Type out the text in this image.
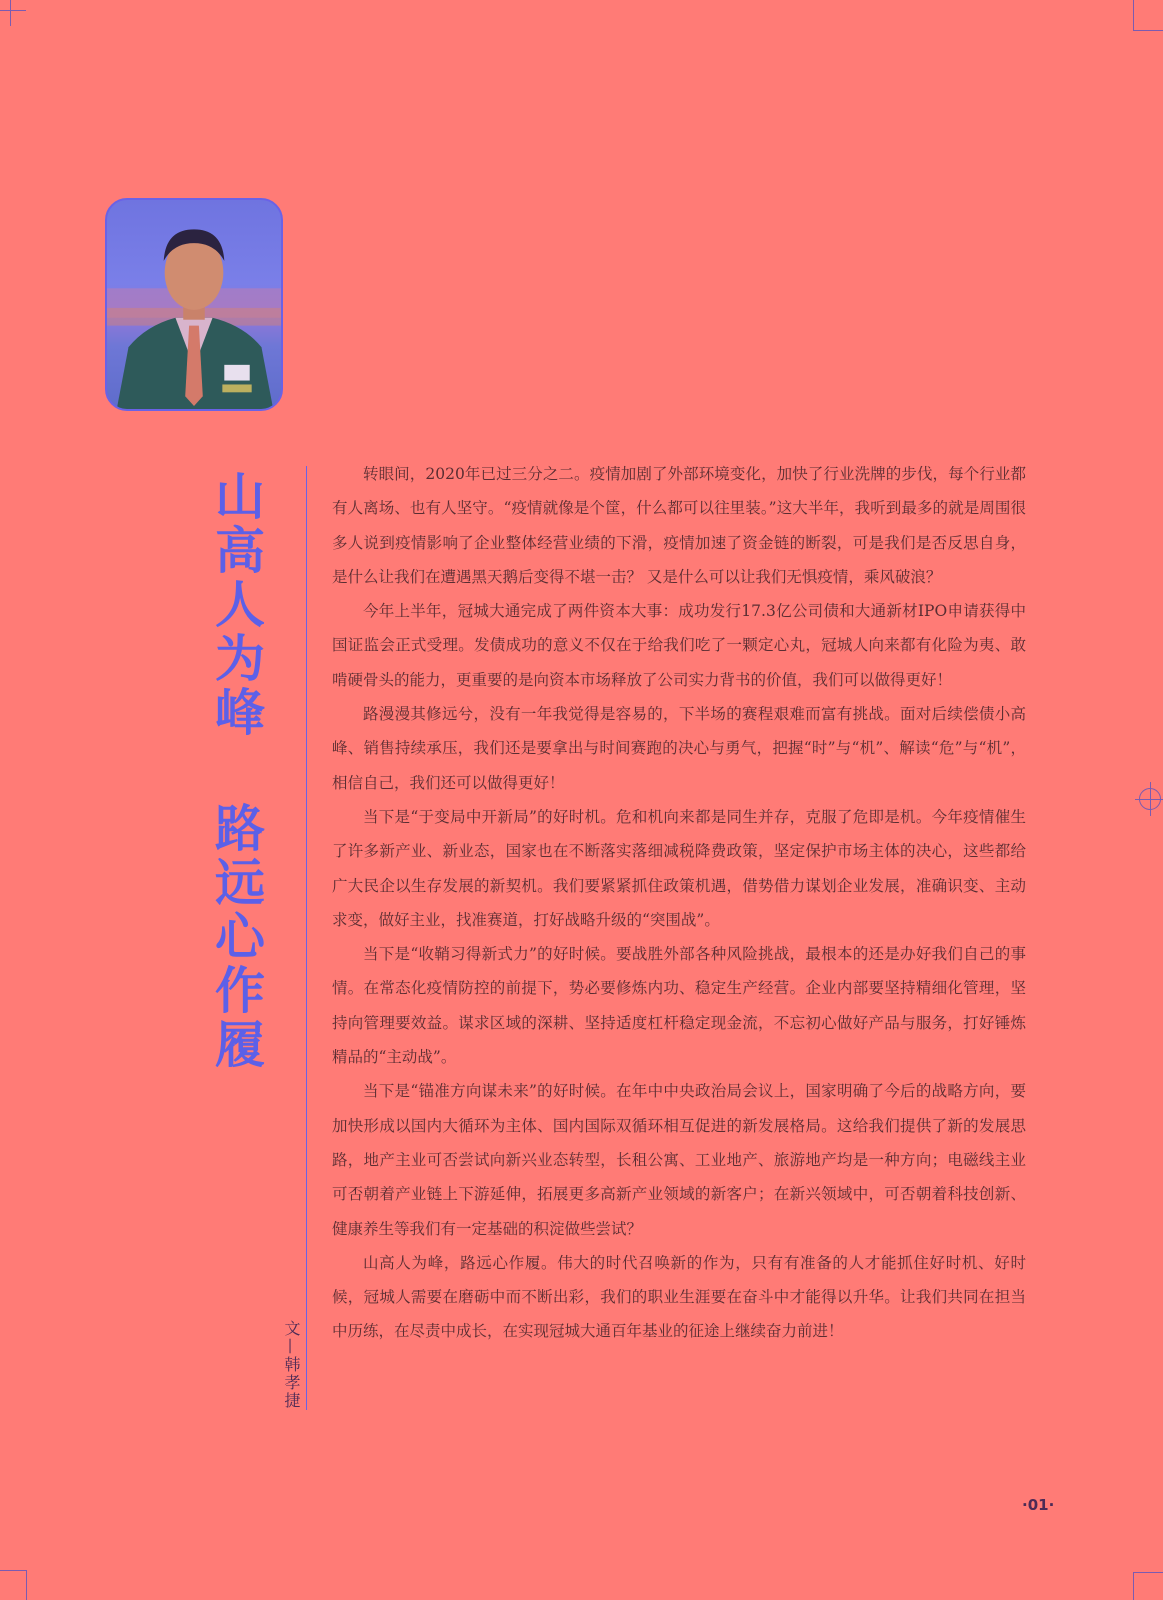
山高人为峰
路远心作履
文—韩孝捷

转眼间，2020年已过三分之二。疫情加剧了外部环境变化，加快了行业洗牌的步伐，每个行业都有人离场、也有人坚守。“疫情就像是个筐，什么都可以往里装。”这大半年，我听到最多的就是周围很多人说到疫情影响了企业整体经营业绩的下滑，疫情加速了资金链的断裂，可是我们是否反思自身，是什么让我们在遭遇黑天鹅后变得不堪一击？ 又是什么可以让我们无惧疫情，乘风破浪？

今年上半年，冠城大通完成了两件资本大事：成功发行17.3亿公司债和大通新材IPO申请获得中国证监会正式受理。发债成功的意义不仅在于给我们吃了一颗定心丸，冠城人向来都有化险为夷、敢啃硬骨头的能力，更重要的是向资本市场释放了公司实力背书的价值，我们可以做得更好！

路漫漫其修远兮，没有一年我觉得是容易的，下半场的赛程艰难而富有挑战。面对后续偿债小高峰、销售持续承压，我们还是要拿出与时间赛跑的决心与勇气，把握“时”与“机”、解读“危”与“机”，相信自己，我们还可以做得更好！

当下是“于变局中开新局”的好时机。危和机向来都是同生并存，克服了危即是机。今年疫情催生了许多新产业、新业态，国家也在不断落实落细减税降费政策，坚定保护市场主体的决心，这些都给广大民企以生存发展的新契机。我们要紧紧抓住政策机遇，借势借力谋划企业发展，准确识变、主动求变，做好主业，找准赛道，打好战略升级的“突围战”。

当下是“收鞘习得新式力”的好时候。要战胜外部各种风险挑战，最根本的还是办好我们自己的事情。在常态化疫情防控的前提下，势必要修炼内功、稳定生产经营。企业内部要坚持精细化管理，坚持向管理要效益。谋求区域的深耕、坚持适度杠杆稳定现金流，不忘初心做好产品与服务，打好锤炼精品的“主动战”。

当下是“锚准方向谋未来”的好时候。在年中中央政治局会议上，国家明确了今后的战略方向，要加快形成以国内大循环为主体、国内国际双循环相互促进的新发展格局。这给我们提供了新的发展思路，地产主业可否尝试向新兴业态转型，长租公寓、工业地产、旅游地产均是一种方向；电磁线主业可否朝着产业链上下游延伸，拓展更多高新产业领域的新客户；在新兴领域中，可否朝着科技创新、健康养生等我们有一定基础的积淀做些尝试？

山高人为峰，路远心作履。伟大的时代召唤新的作为，只有有准备的人才能抓住好时机、好时候，冠城人需要在磨砺中而不断出彩，我们的职业生涯要在奋斗中才能得以升华。让我们共同在担当中历练，在尽责中成长，在实现冠城大通百年基业的征途上继续奋力前进！

·01·
